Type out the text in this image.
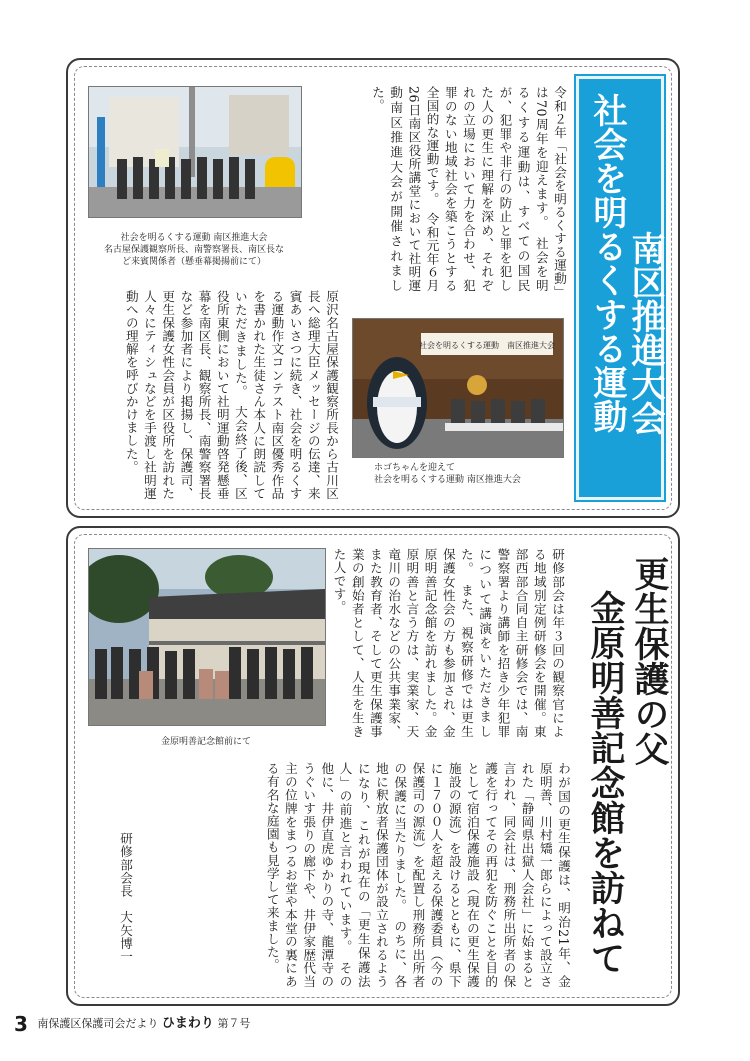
社会を明るくする運動
南区推進大会
令和２年「社会を明るくする運動」は70周年を迎えます。　社会を明るくする運動は、すべての国民が、犯罪や非行の防止と罪を犯した人の更生に理解を深め、それぞれの立場において力を合わせ、犯罪のない地域社会を築こうとする全国的な運動です。　令和元年６月26日南区役所講堂において社明運動南区推進大会が開催されました。
社会を明るくする運動 南区推進大会
名古屋保護観察所長、南警察署長、南区長な
ど来賓関係者（懸垂幕掲揚前にて）
原沢名古屋保護観察所長から古川区長へ総理大臣メッセージの伝達、来賓あいさつに続き、社会を明るくする運動作文コンテスト南区優秀作品を書かれた生徒さん本人に朗読していただきました。　大会終了後、区役所東側において社明運動啓発懸垂幕を南区長、観察所長、南警察署長など参加者により掲揚し、保護司、更生保護女性会員が区役所を訪れた人々にティシュなどを手渡し社明運動への理解を呼びかけました。	社会を明るくする運動　南区推進大会
ホゴちゃんを迎えて
社会を明るくする運動 南区推進大会
更生保護の父
金原明善記念館を訪ねて
研修部会は年３回の観察官による地域別定例研修会を開催。東部西部合同自主研修会では、南警察署より講師を招き少年犯罪について講演をいただきました。　また、視察研修では更生保護女性会の方も参加され、金原明善記念館を訪れました。金原明善と言う方は、実業家、天竜川の治水などの公共事業家、また教育者、そして更生保護事業の創始者として、人生を生きた人です。
わが国の更生保護は、明治21年、金原明善、川村矯一郎らによって設立された「静岡県出獄人会社」に始まると言われ、同会社は、刑務所出所者の保護を行ってその再犯を防ぐことを目的として宿泊保護施設（現在の更生保護施設の源流）を設けるとともに、県下に１７００人を超える保護委員（今の保護司の源流）を配置し刑務所出所者の保護に当たりました。　のちに、各地に釈放者保護団体が設立されるようになり、これが現在の「更生保護法人」の前進と言われています。　その他に、井伊直虎ゆかりの寺、龍潭寺のうぐいす張りの廊下や、井伊家歴代当主の位牌をまつるお堂や本堂の裏にある有名な庭園も見学して来ました。
研修部会長　大矢博一
金原明善記念館前にて
3 南保護区保護司会だより ひまわり 第７号
